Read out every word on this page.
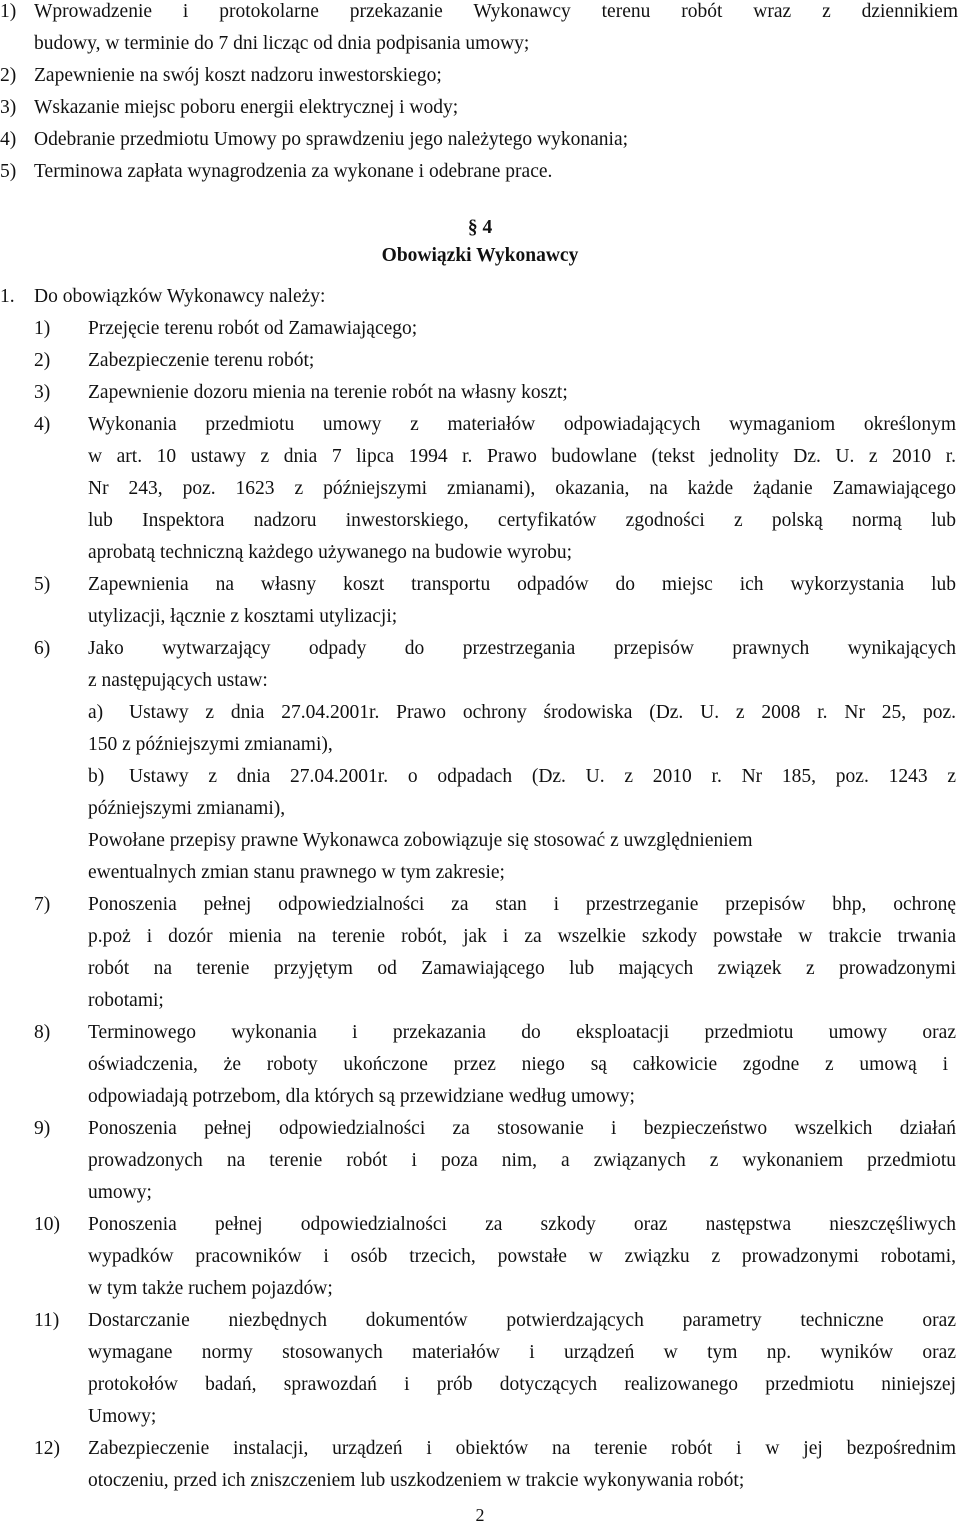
1) Wprowadzenie i protokolarne przekazanie Wykonawcy terenu robót wraz z dziennikiem
budowy, w terminie do 7 dni licząc od dnia podpisania umowy;
2) Zapewnienie na swój koszt nadzoru inwestorskiego;
3) Wskazanie miejsc poboru energii elektrycznej i wody;
4) Odebranie przedmiotu Umowy po sprawdzeniu jego należytego wykonania;
5) Terminowa zapłata wynagrodzenia za wykonane i odebrane prace.
§ 4
Obowiązki Wykonawcy
1. Do obowiązków Wykonawcy należy:
1) Przejęcie terenu robót od Zamawiającego;
2) Zabezpieczenie terenu robót;
3) Zapewnienie dozoru mienia na terenie robót na własny koszt;
4) Wykonania przedmiotu umowy z materiałów odpowiadających wymaganiom określonym
w art. 10 ustawy z dnia 7 lipca 1994 r. Prawo budowlane (tekst jednolity Dz. U. z 2010 r.
Nr 243, poz. 1623 z późniejszymi zmianami), okazania, na każde żądanie Zamawiającego
lub Inspektora nadzoru inwestorskiego, certyfikatów zgodności z polską normą lub
aprobatą techniczną każdego używanego na budowie wyrobu;
5) Zapewnienia na własny koszt transportu odpadów do miejsc ich wykorzystania lub
utylizacji, łącznie z kosztami utylizacji;
6) Jako wytwarzający odpady do przestrzegania przepisów prawnych wynikających
z następujących ustaw:
a) Ustawy z dnia 27.04.2001r. Prawo ochrony środowiska (Dz. U. z 2008 r. Nr 25, poz.
150 z późniejszymi zmianami),
b) Ustawy z dnia 27.04.2001r. o odpadach (Dz. U. z 2010 r. Nr 185, poz. 1243 z
późniejszymi zmianami),
Powołane przepisy prawne Wykonawca zobowiązuje się stosować z uwzględnieniem
ewentualnych zmian stanu prawnego w tym zakresie;
7) Ponoszenia pełnej odpowiedzialności za stan i przestrzeganie przepisów bhp, ochronę
p.poż i dozór mienia na terenie robót, jak i za wszelkie szkody powstałe w trakcie trwania
robót na terenie przyjętym od Zamawiającego lub mających związek z prowadzonymi
robotami;
8) Terminowego wykonania i przekazania do eksploatacji przedmiotu umowy oraz
oświadczenia, że roboty ukończone przez niego są całkowicie zgodne z umową i
odpowiadają potrzebom, dla których są przewidziane według umowy;
9) Ponoszenia pełnej odpowiedzialności za stosowanie i bezpieczeństwo wszelkich działań
prowadzonych na terenie robót i poza nim, a związanych z wykonaniem przedmiotu
umowy;
10) Ponoszenia pełnej odpowiedzialności za szkody oraz następstwa nieszczęśliwych
wypadków pracowników i osób trzecich, powstałe w związku z prowadzonymi robotami,
w tym także ruchem pojazdów;
11) Dostarczanie niezbędnych dokumentów potwierdzających parametry techniczne oraz
wymagane normy stosowanych materiałów i urządzeń w tym np. wyników oraz
protokołów badań, sprawozdań i prób dotyczących realizowanego przedmiotu niniejszej
Umowy;
12) Zabezpieczenie instalacji, urządzeń i obiektów na terenie robót i w jej bezpośrednim
otoczeniu, przed ich zniszczeniem lub uszkodzeniem w trakcie wykonywania robót;
2
